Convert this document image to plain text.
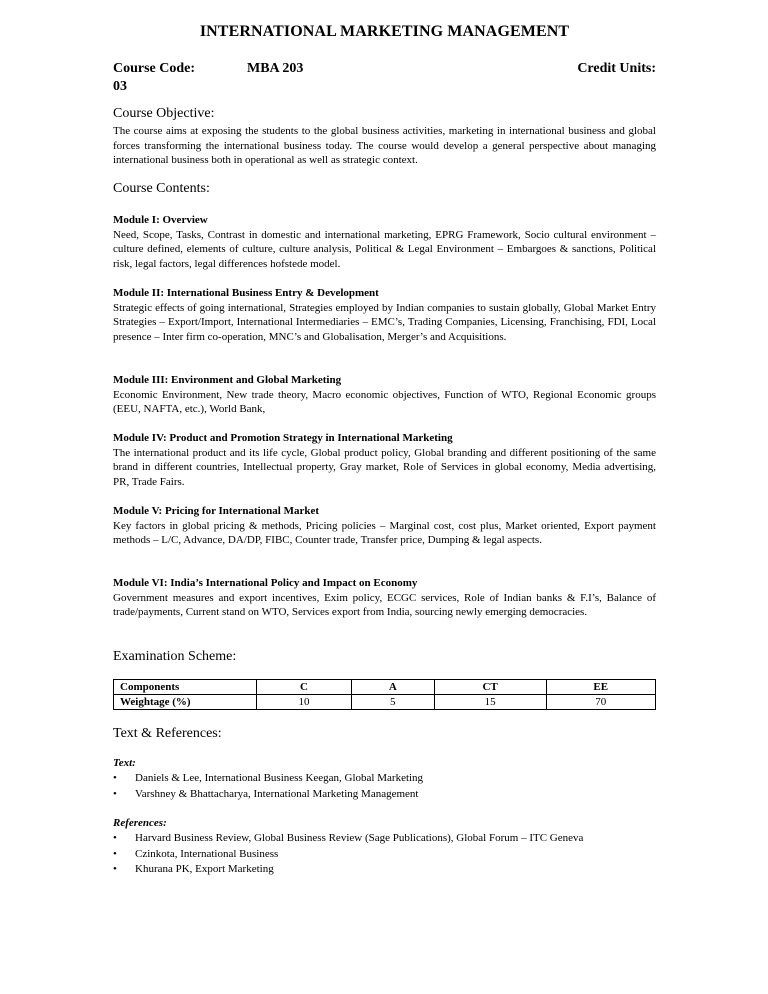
INTERNATIONAL MARKETING MANAGEMENT
Course Code:	MBA 203	Credit Units:
03
Course Objective:
The course aims at exposing the students to the global business activities, marketing in international business and global forces transforming the international business today. The course would develop a general perspective about managing international business both in operational as well as strategic context.
Course Contents:
Module I: Overview
Need, Scope, Tasks, Contrast in domestic and international marketing, EPRG Framework, Socio cultural environment – culture defined, elements of culture, culture analysis, Political & Legal Environment – Embargoes & sanctions, Political risk, legal factors, legal differences hofstede model.
Module II: International Business Entry & Development
Strategic effects of going international, Strategies employed by Indian companies to sustain globally, Global Market Entry Strategies – Export/Import, International Intermediaries – EMC’s, Trading Companies, Licensing, Franchising, FDI, Local presence – Inter firm co-operation, MNC’s and Globalisation, Merger’s and Acquisitions.
Module III: Environment and Global Marketing
Economic Environment, New trade theory, Macro economic objectives, Function of WTO, Regional Economic groups (EEU, NAFTA, etc.), World Bank,
Module IV: Product and Promotion Strategy in International Marketing
The international product and its life cycle, Global product policy, Global branding and different positioning of the same brand in different countries, Intellectual property, Gray market, Role of Services in global economy, Media advertising, PR, Trade Fairs.
Module V: Pricing for International Market
Key factors in global pricing & methods, Pricing policies – Marginal cost, cost plus, Market oriented, Export payment methods – L/C, Advance, DA/DP, FIBC, Counter trade, Transfer price, Dumping & legal aspects.
Module VI: India’s International Policy and Impact on Economy
Government measures and export incentives, Exim policy, ECGC services, Role of Indian banks & F.I’s, Balance of trade/payments, Current stand on WTO, Services export from India, sourcing newly emerging democracies.
Examination Scheme:
Components	C	A	CT	EE
Weightage (%)	10	5	15	70
Text & References:
Text:
• Daniels & Lee, International Business Keegan, Global Marketing
• Varshney & Bhattacharya, International Marketing Management
References:
• Harvard Business Review, Global Business Review (Sage Publications), Global Forum – ITC Geneva
• Czinkota, International Business
• Khurana PK, Export Marketing
